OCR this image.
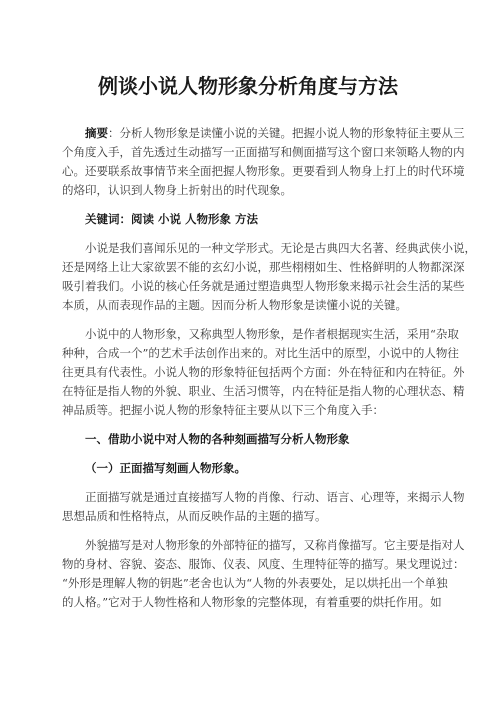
例谈小说人物形象分析角度与方法

摘要：分析人物形象是读懂小说的关键。把握小说人物的形象特征主要从三

个角度入手，首先透过生动描写一正面描写和侧面描写这个窗口来领略人物的内

心。还要联系故事情节来全面把握人物形象。更要看到人物身上打上的时代环境

的烙印，认识到人物身上折射出的时代现象。

关键词：阅读 小说 人物形象 方法

小说是我们喜闻乐见的一种文学形式。无论是古典四大名著、经典武侠小说，

还是网络上让大家欲罢不能的玄幻小说，那些栩栩如生、性格鲜明的人物都深深

吸引着我们。小说的核心任务就是通过塑造典型人物形象来揭示社会生活的某些

本质，从而表现作品的主题。因而分析人物形象是读懂小说的关键。

小说中的人物形象，又称典型人物形象，是作者根据现实生活，采用“杂取

种种，合成一个”的艺术手法创作出来的。对比生活中的原型，小说中的人物往

往更具有代表性。小说人物的形象特征包括两个方面：外在特征和内在特征。外

在特征是指人物的外貌、职业、生活习惯等，内在特征是指人物的心理状态、精

神品质等。把握小说人物的形象特征主要从以下三个角度入手：

一、借助小说中对人物的各种刻画描写分析人物形象

（一）正面描写刻画人物形象。

正面描写就是通过直接描写人物的肖像、行动、语言、心理等，来揭示人物

思想品质和性格特点，从而反映作品的主题的描写。

外貌描写是对人物形象的外部特征的描写，又称肖像描写。它主要是指对人

物的身材、容貌、姿态、服饰、仪表、风度、生理特征等的描写。果戈理说过：

“外形是理解人物的钥匙”老舍也认为“人物的外表要处，足以烘托出一个单独

的人格。”它对于人物性格和人物形象的完整体现，有着重要的烘托作用。如
